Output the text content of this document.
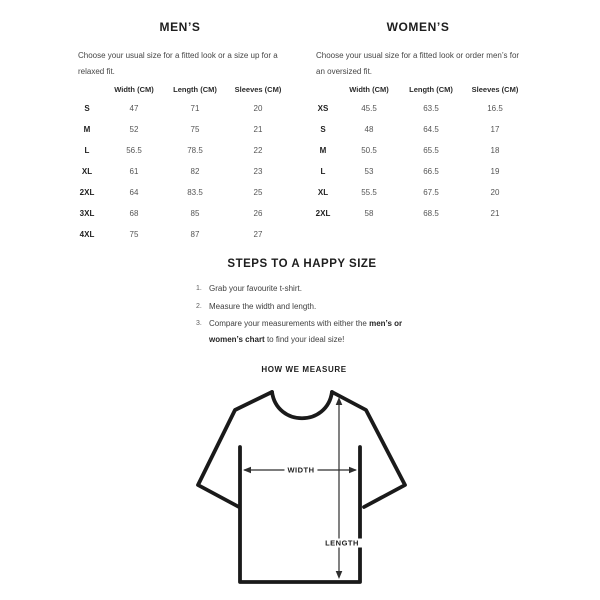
MEN’S

Choose your usual size for a fitted look or a size up for a relaxed fit.

Width (CM)	Length (CM)	Sleeves (CM)
S	47	71	20
M	52	75	21
L	56.5	78.5	22
XL	61	82	23
2XL	64	83.5	25
3XL	68	85	26
4XL	75	87	27
WOMEN’S

Choose your usual size for a fitted look or order men’s for an oversized fit.

Width (CM)	Length (CM)	Sleeves (CM)
XS	45.5	63.5	16.5
S	48	64.5	17
M	50.5	65.5	18
L	53	66.5	19
XL	55.5	67.5	20
2XL	58	68.5	21
STEPS TO A HAPPY SIZE
1. Grab your favourite t-shirt.
2. Measure the width and length.
3. Compare your measurements with either the men’s or women’s chart to find your ideal size!
HOW WE MEASURE
WIDTH
LENGTH
